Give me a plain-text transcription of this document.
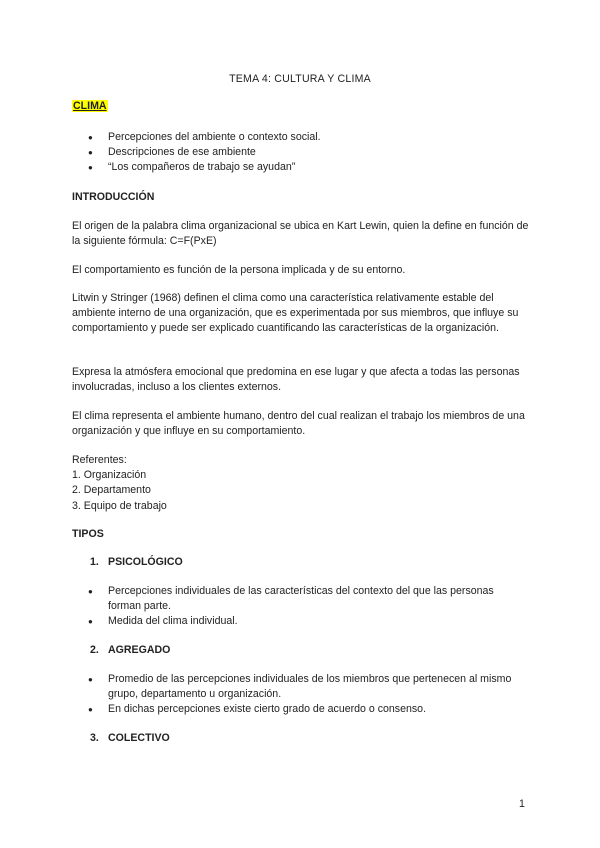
TEMA 4: CULTURA Y CLIMA
CLIMA
● Percepciones del ambiente o contexto social.
● Descripciones de ese ambiente
● “Los compañeros de trabajo se ayudan”
INTRODUCCIÓN

El origen de la palabra clima organizacional se ubica en Kart Lewin, quien la define en función de la siguiente fórmula: C=F(PxE)

El comportamiento es función de la persona implicada y de su entorno.

Litwin y Stringer (1968) definen el clima como una característica relativamente estable del ambiente interno de una organización, que es experimentada por sus miembros, que influye su comportamiento y puede ser explicado cuantificando las características de la organización.

Expresa la atmósfera emocional que predomina en ese lugar y que afecta a todas las personas involucradas, incluso a los clientes externos.

El clima representa el ambiente humano, dentro del cual realizan el trabajo los miembros de una organización y que influye en su comportamiento.

Referentes:
1. Organización
2. Departamento
3. Equipo de trabajo
TIPOS
1. PSICOLÓGICO
● Percepciones individuales de las características del contexto del que las personas forman parte.
● Medida del clima individual.
2. AGREGADO
● Promedio de las percepciones individuales de los miembros que pertenecen al mismo grupo, departamento u organización.
● En dichas percepciones existe cierto grado de acuerdo o consenso.
3. COLECTIVO
1
